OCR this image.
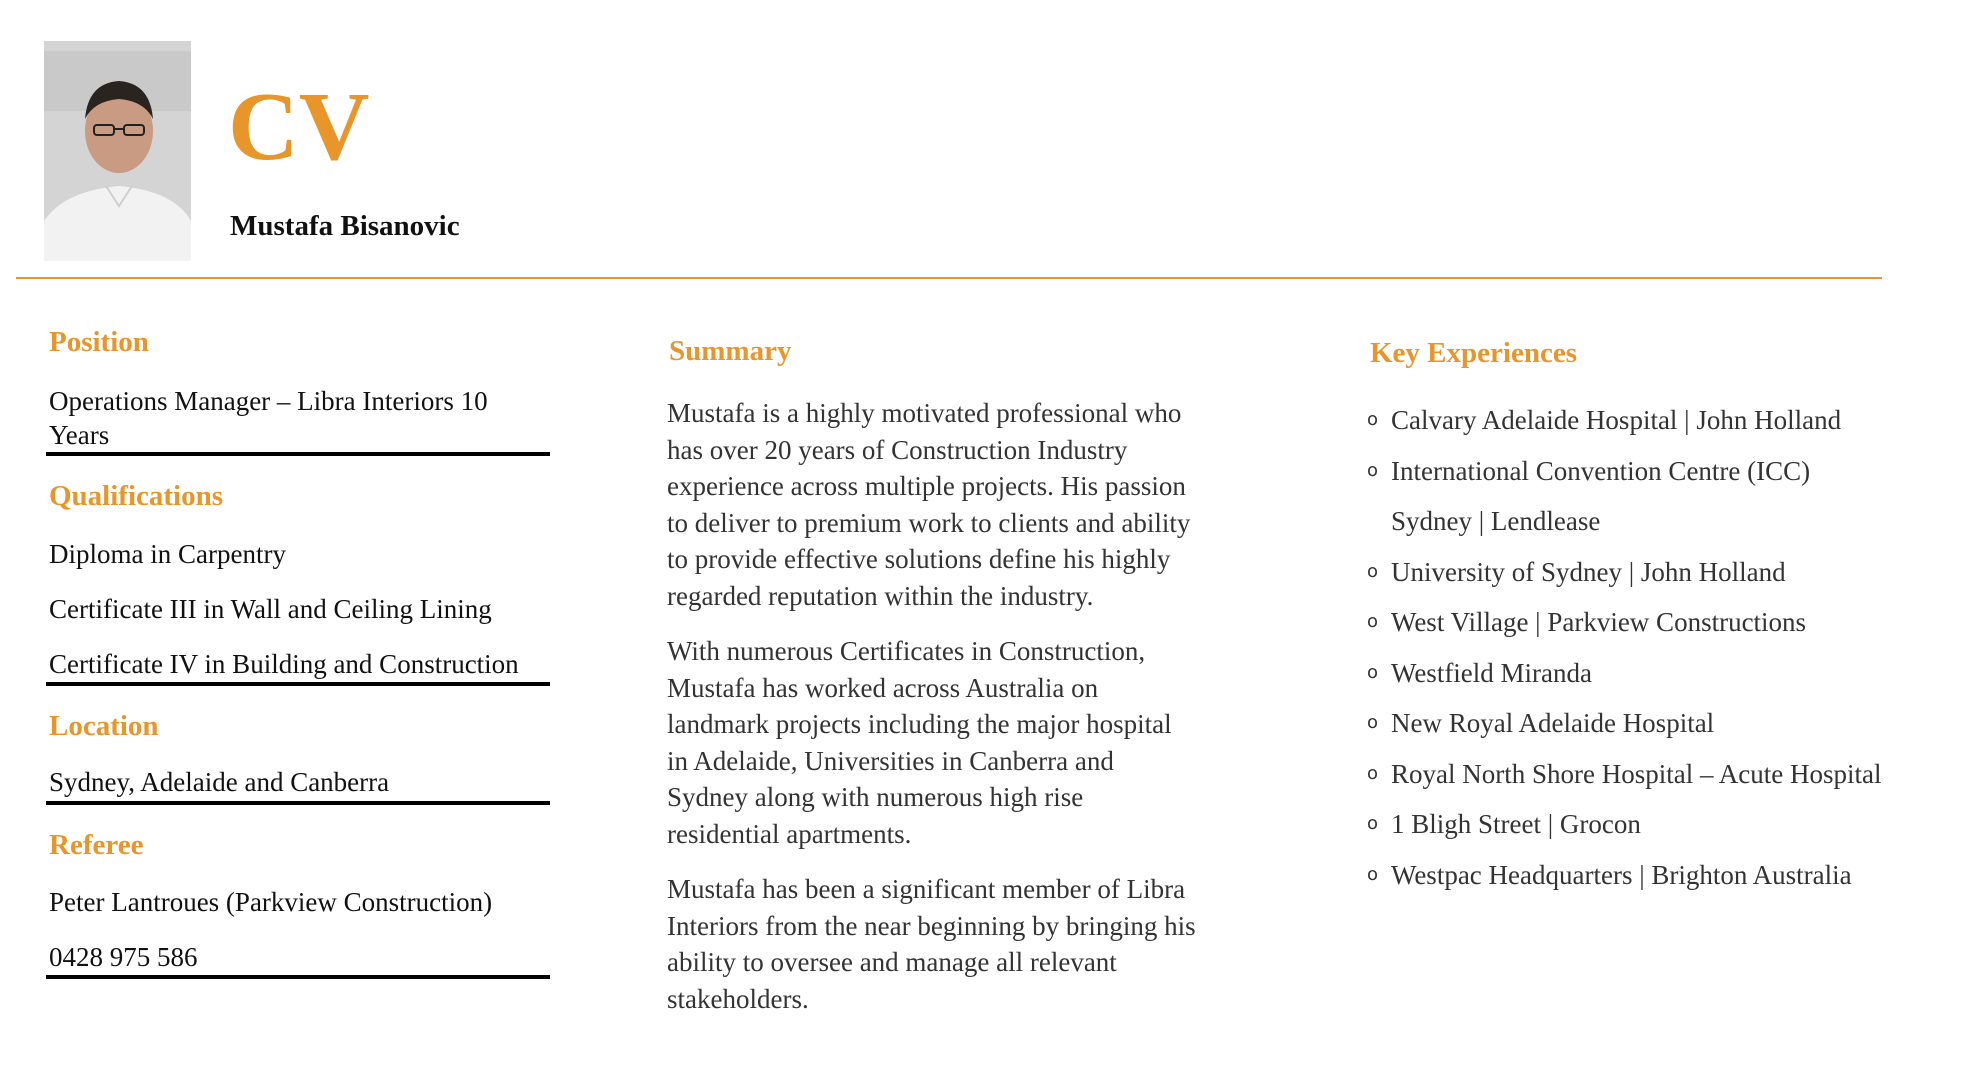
CV
Mustafa Bisanovic
Position
Operations Manager – Libra Interiors 10 Years
Qualifications
Diploma in Carpentry
Certificate III in Wall and Ceiling Lining
Certificate IV in Building and Construction
Location
Sydney, Adelaide and Canberra
Referee
Peter Lantroues (Parkview Construction)
0428 975 586
Summary

Mustafa is a highly motivated professional who has over 20 years of Construction Industry experience across multiple projects. His passion to deliver to premium work to clients and ability to provide effective solutions define his highly regarded reputation within the industry.

With numerous Certificates in Construction, Mustafa has worked across Australia on landmark projects including the major hospital in Adelaide, Universities in Canberra and Sydney along with numerous high rise residential apartments.

Mustafa has been a significant member of Libra Interiors from the near beginning by bringing his ability to oversee and manage all relevant stakeholders.

Key Experiences
o Calvary Adelaide Hospital | John Holland
o International Convention Centre (ICC) Sydney | Lendlease
o University of Sydney | John Holland
o West Village | Parkview Constructions
o Westfield Miranda
o New Royal Adelaide Hospital
o Royal North Shore Hospital – Acute Hospital
o 1 Bligh Street | Grocon
o Westpac Headquarters | Brighton Australia
